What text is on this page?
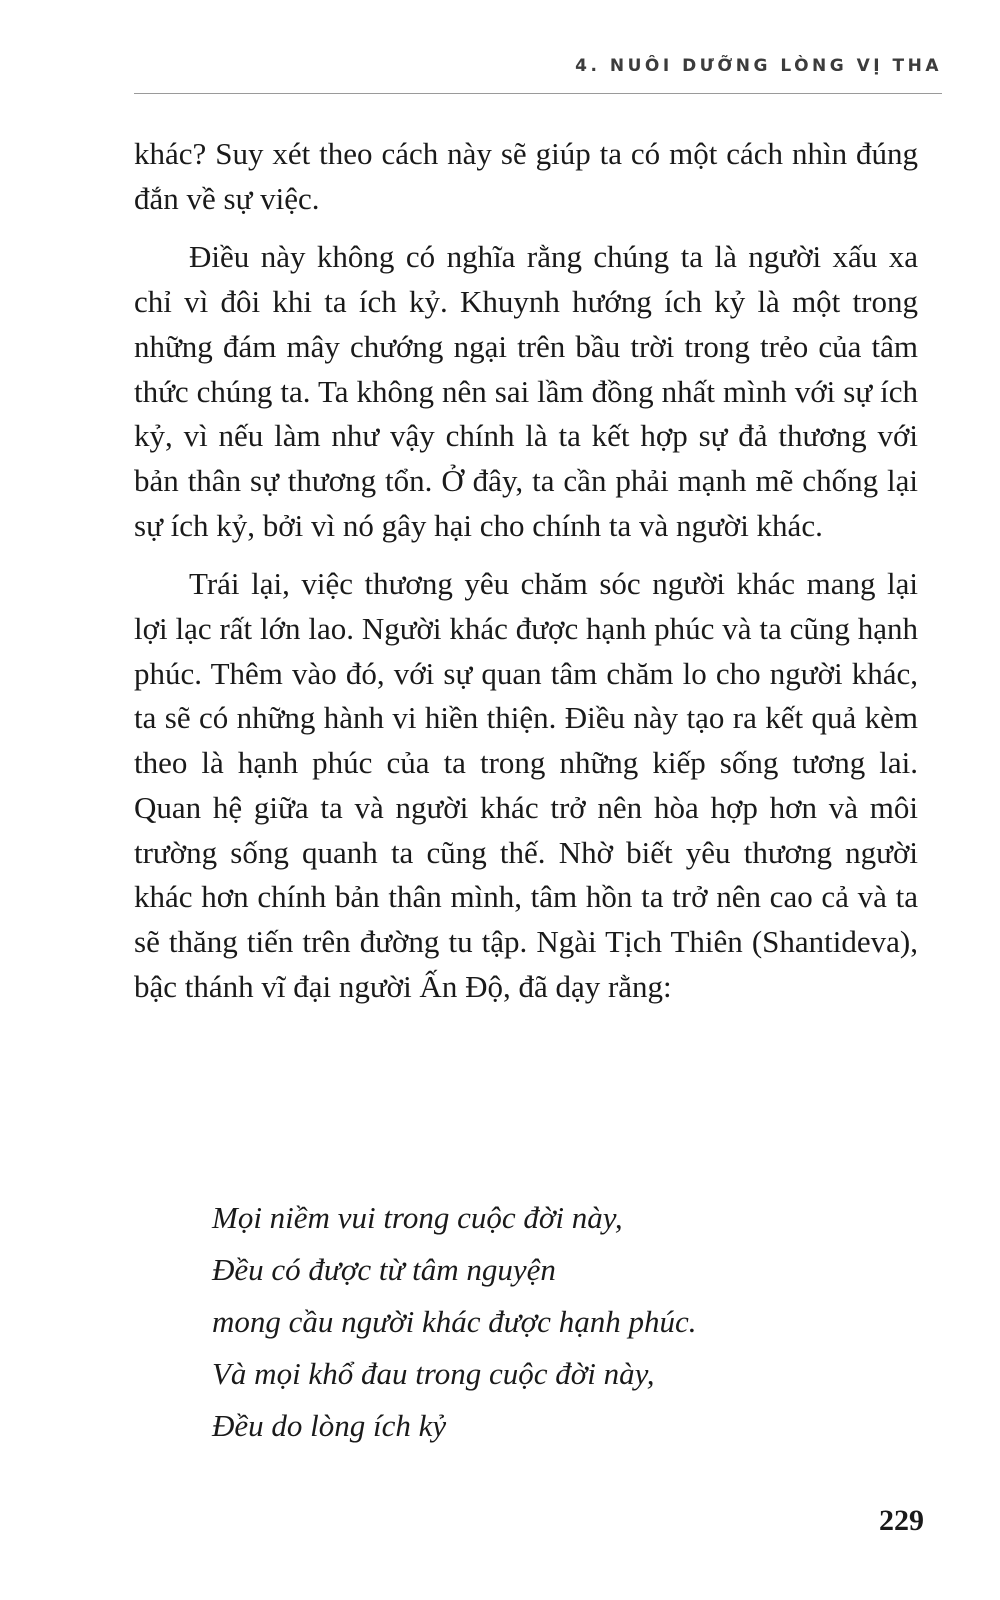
4. NUÔI DƯỠNG LÒNG VỊ THA

khác? Suy xét theo cách này sẽ giúp ta có một cách nhìn đúng đắn về sự việc.

Điều này không có nghĩa rằng chúng ta là người xấu xa chỉ vì đôi khi ta ích kỷ. Khuynh hướng ích kỷ là một trong những đám mây chướng ngại trên bầu trời trong trẻo của tâm thức chúng ta. Ta không nên sai lầm đồng nhất mình với sự ích kỷ, vì nếu làm như vậy chính là ta kết hợp sự đả thương với bản thân sự thương tổn. Ở đây, ta cần phải mạnh mẽ chống lại sự ích kỷ, bởi vì nó gây hại cho chính ta và người khác.

Trái lại, việc thương yêu chăm sóc người khác mang lại lợi lạc rất lớn lao. Người khác được hạnh phúc và ta cũng hạnh phúc. Thêm vào đó, với sự quan tâm chăm lo cho người khác, ta sẽ có những hành vi hiền thiện. Điều này tạo ra kết quả kèm theo là hạnh phúc của ta trong những kiếp sống tương lai. Quan hệ giữa ta và người khác trở nên hòa hợp hơn và môi trường sống quanh ta cũng thế. Nhờ biết yêu thương người khác hơn chính bản thân mình, tâm hồn ta trở nên cao cả và ta sẽ thăng tiến trên đường tu tập. Ngài Tịch Thiên (Shantideva), bậc thánh vĩ đại người Ấn Độ, đã dạy rằng:

Mọi niềm vui trong cuộc đời này,
Đều có được từ tâm nguyện
mong cầu người khác được hạnh phúc.
Và mọi khổ đau trong cuộc đời này,
Đều do lòng ích kỷ
229
